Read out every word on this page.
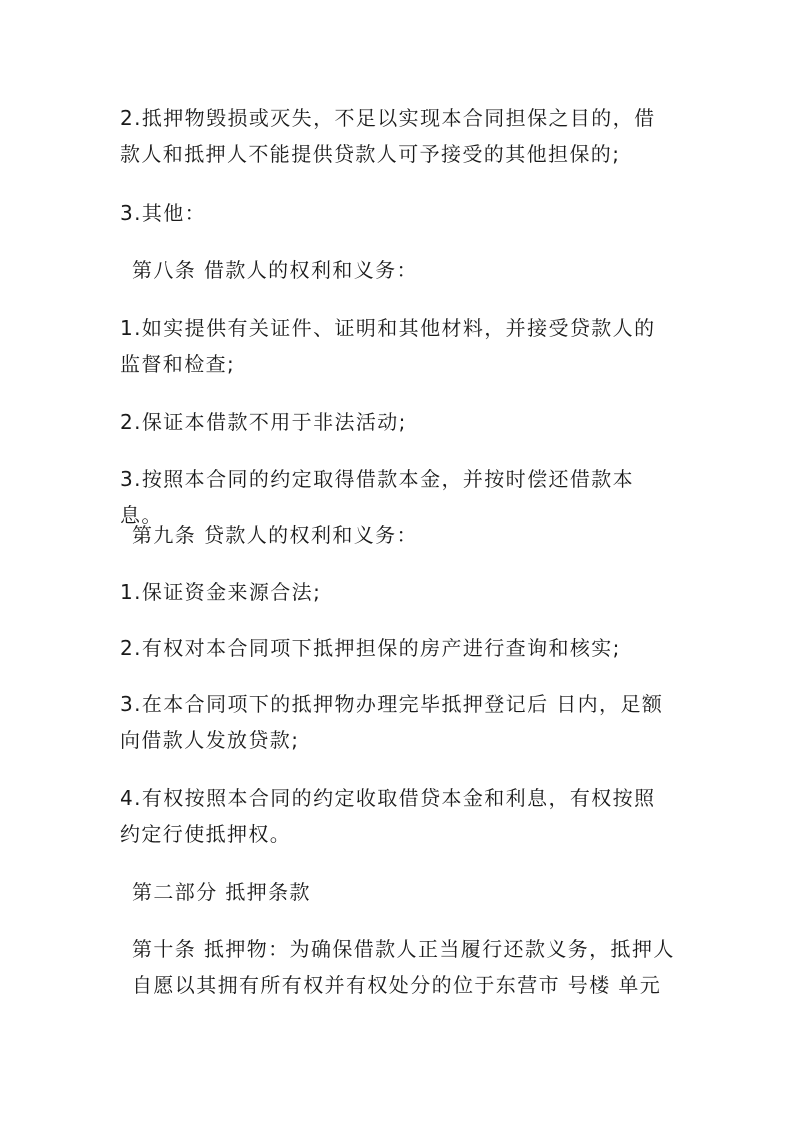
2.抵押物毁损或灭失，不足以实现本合同担保之目的，借款人和抵押人不能提供贷款人可予接受的其他担保的;

3.其他：

第八条 借款人的权利和义务：

1.如实提供有关证件、证明和其他材料，并接受贷款人的监督和检查;

2.保证本借款不用于非法活动;

3.按照本合同的约定取得借款本金，并按时偿还借款本息。

第九条 贷款人的权利和义务：

1.保证资金来源合法;

2.有权对本合同项下抵押担保的房产进行查询和核实;

3.在本合同项下的抵押物办理完毕抵押登记后 日内，足额向借款人发放贷款;

4.有权按照本合同的约定收取借贷本金和利息，有权按照约定行使抵押权。

第二部分 抵押条款

第十条 抵押物：为确保借款人正当履行还款义务，抵押人自愿以其拥有所有权并有权处分的位于东营市 号楼 单元
